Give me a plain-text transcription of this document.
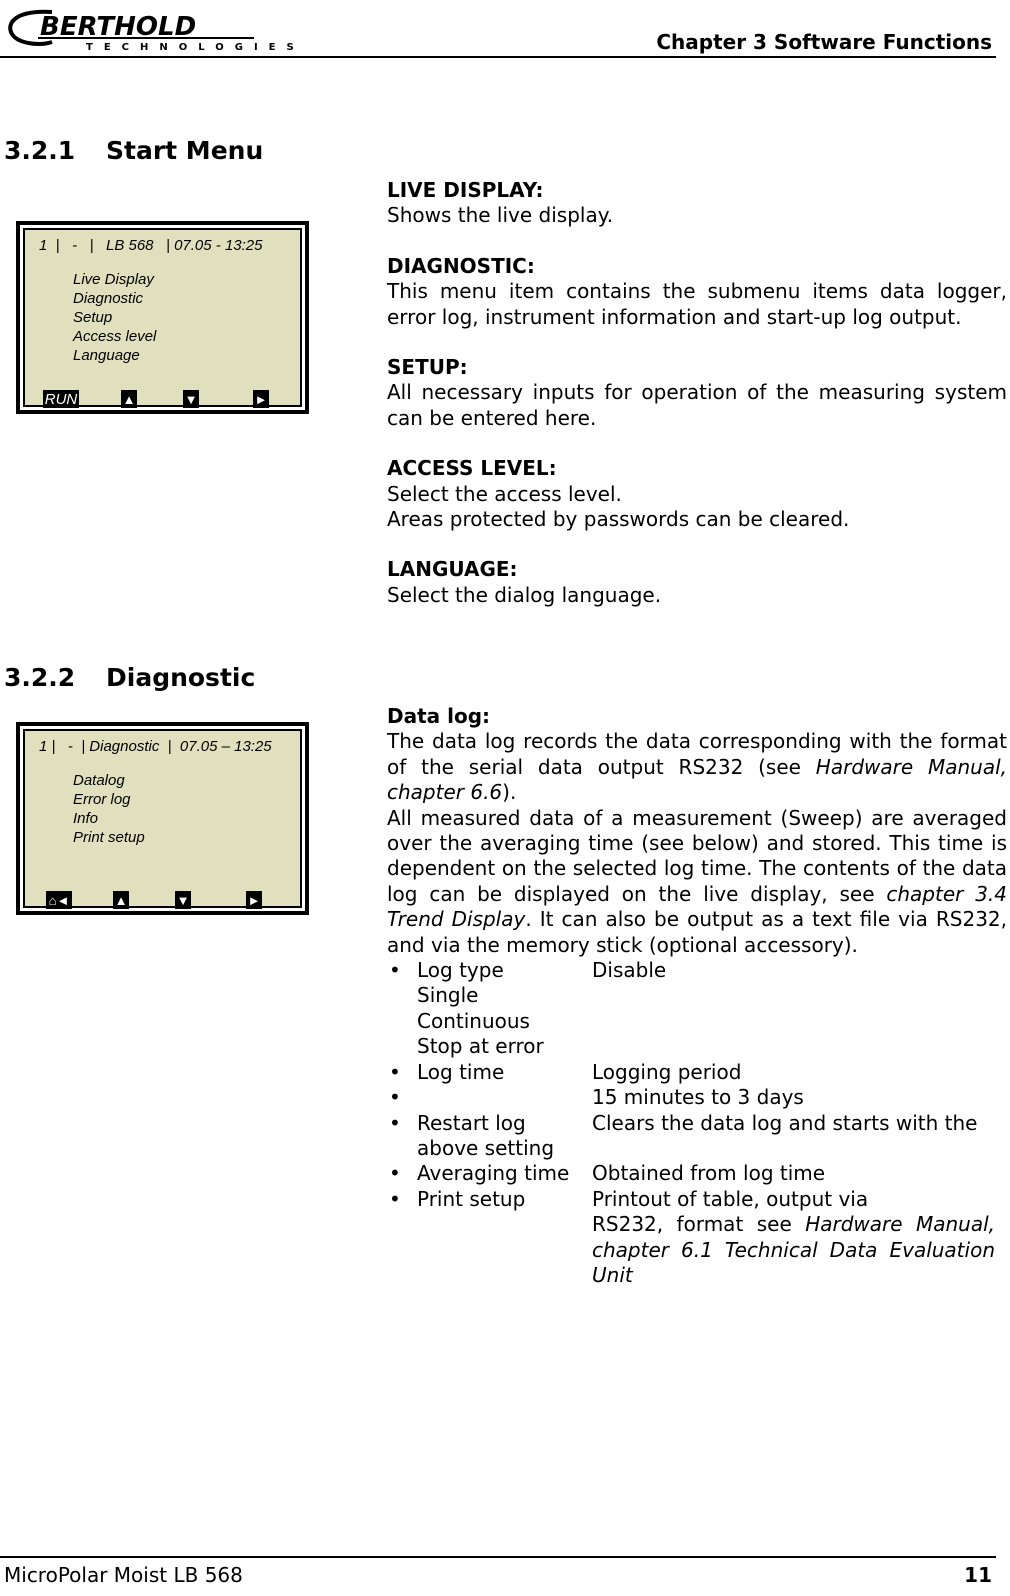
BERTHOLD
TECHNOLOGIES	Chapter 3 Software Functions
3.2.1 Start Menu
1  |   -   |   LB 568   | 07.05 - 13:25
Live Display
Diagnostic
Setup
Access level
Language
RUN	▲	▼	►

LIVE DISPLAY:

Shows the live display.

DIAGNOSTIC:

This menu item contains the submenu items data logger, error log, instrument information and start-up log output.

SETUP:

All necessary inputs for operation of the measuring system can be entered here.

ACCESS LEVEL:

Select the access level.

Areas protected by passwords can be cleared.

LANGUAGE:

Select the dialog language.

3.2.2 Diagnostic
1 |   -  | Diagnostic  |  07.05 – 13:25
Datalog
Error log
Info
Print setup
⌂◄	▲	▼	►

Data log:

The data log records the data corresponding with the format of the serial data output RS232 (see Hardware Manual, chapter 6.6).

All measured data of a measurement (Sweep) are averaged over the averaging time (see below) and stored. This time is dependent on the selected log time. The contents of the data log can be displayed on the live display, see chapter 3.4 Trend Display. It can also be output as a text file via RS232, and via the memory stick (optional accessory).

• Log type	Disable
Single
Continuous
Stop at error
• Log time	Logging period
•	15 minutes to 3 days
• Restart log	Clears the data log and starts with the
above setting
• Averaging time	Obtained from log time
• Print setup	Printout of table, output via
RS232, format see Hardware Manual, chapter 6.1 Technical Data Evaluation Unit
MicroPolar Moist LB 568	11
